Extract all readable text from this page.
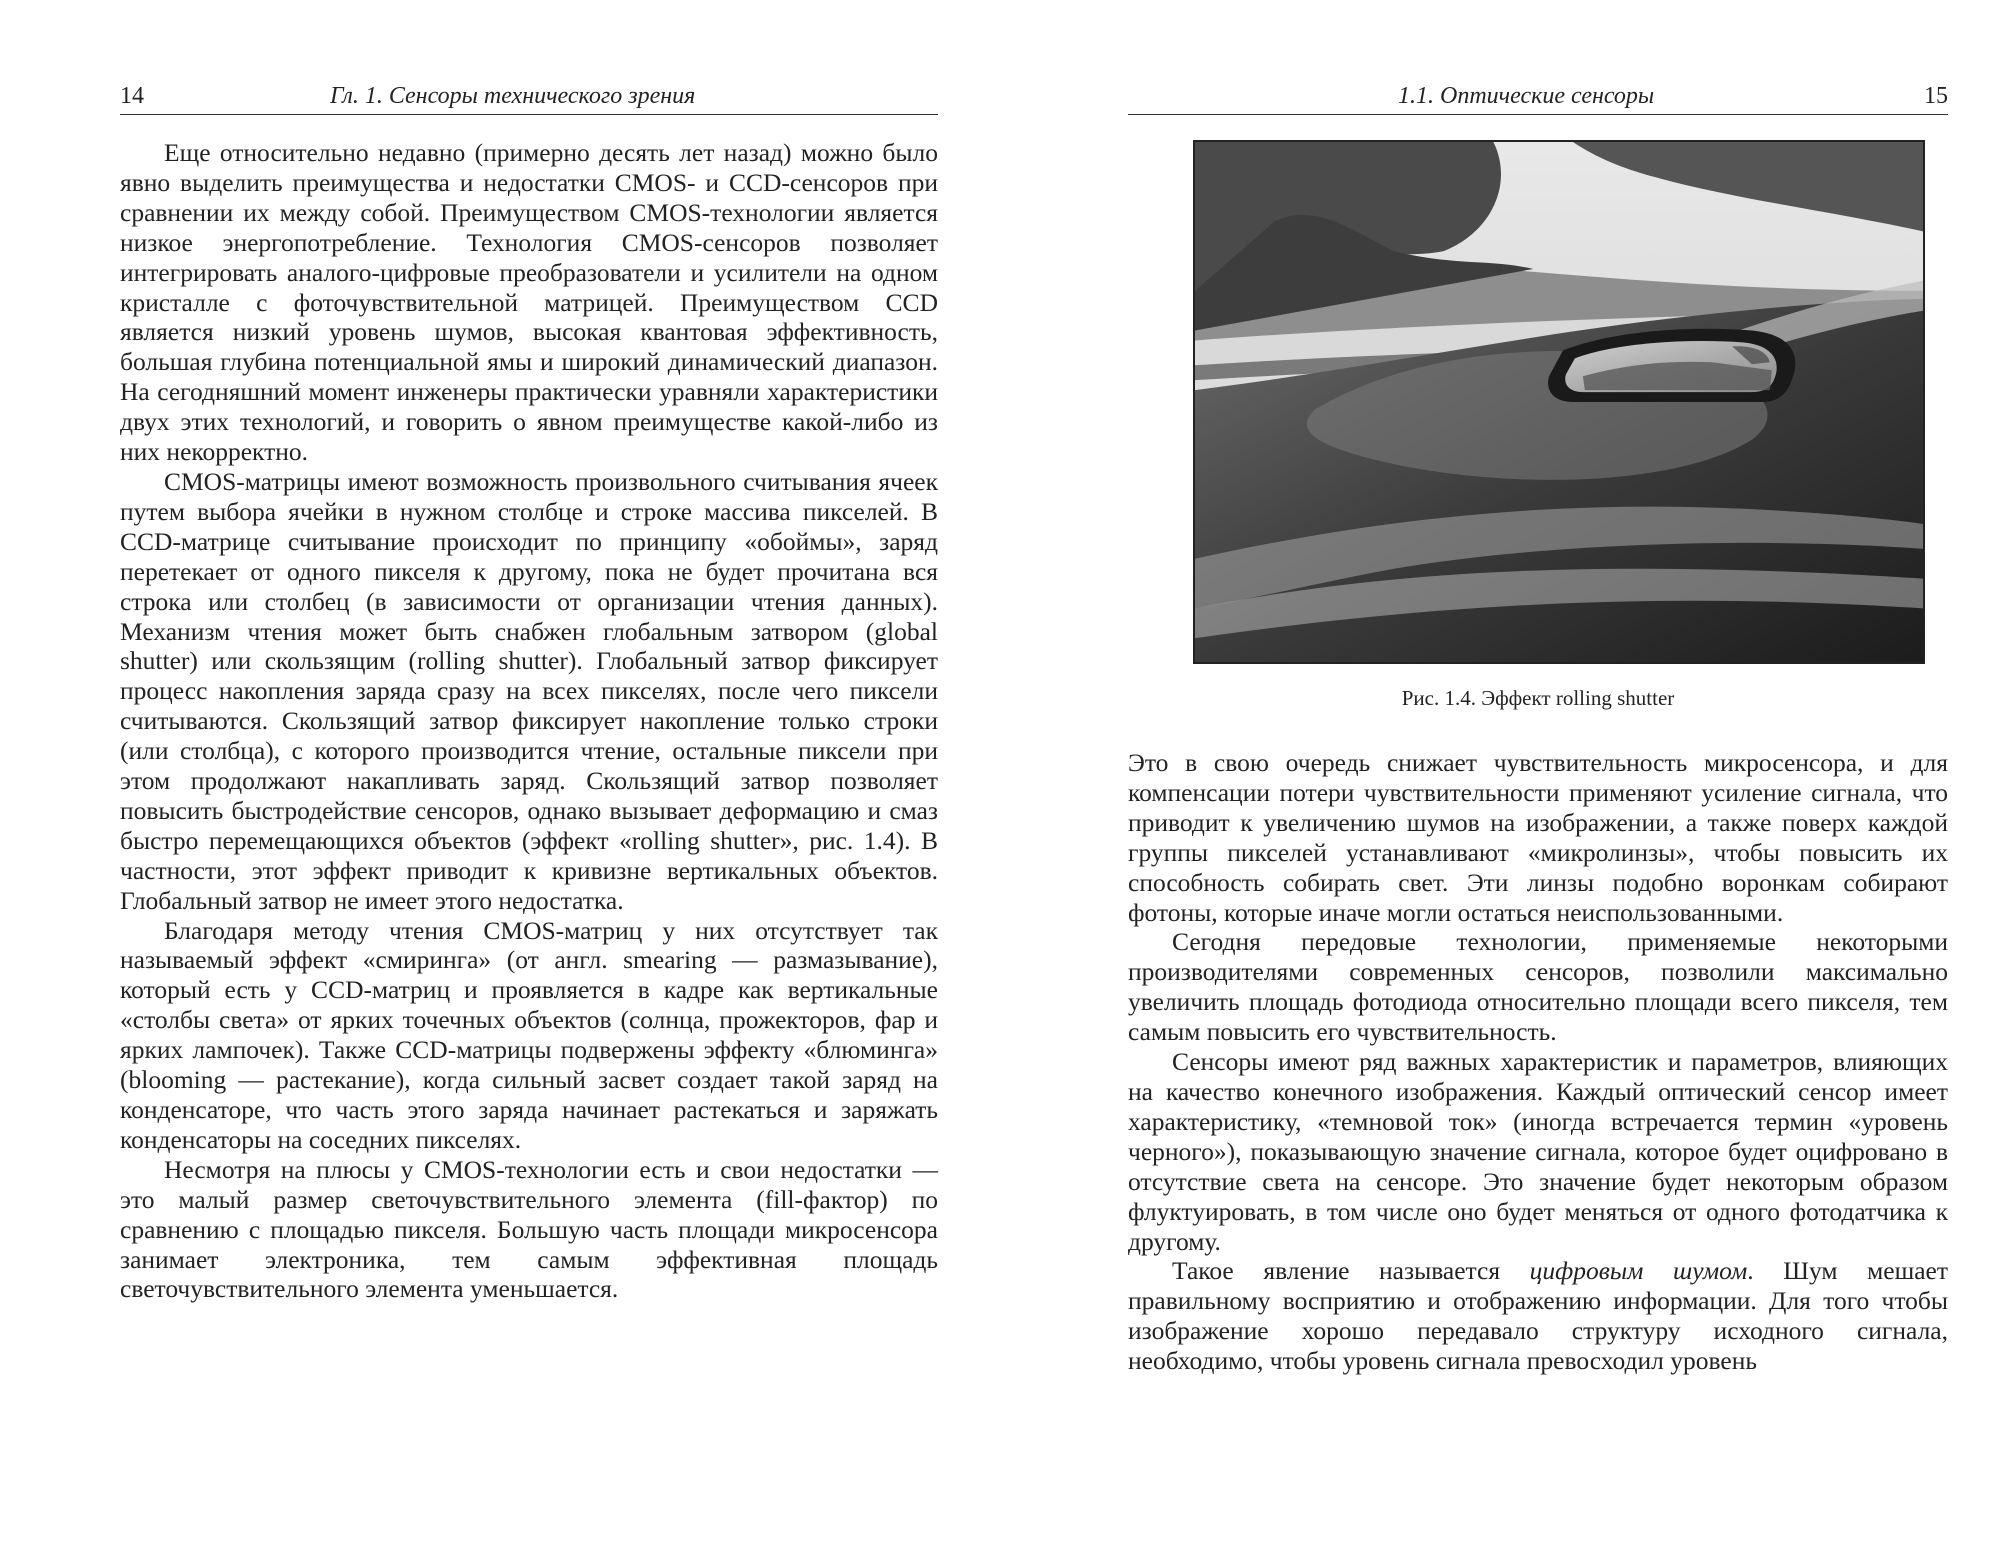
14	Гл. 1. Сенсоры технического зрения

Еще относительно недавно (примерно десять лет назад) можно было явно выделить преимущества и недостатки CMOS- и CCD-сенсоров при сравнении их между собой. Преимуществом CMOS-технологии является низкое энергопотребление. Технология CMOS-сенсоров позволяет интегрировать аналого-цифровые преобразователи и усилители на одном кристалле с фоточувствительной матрицей. Преимуществом CCD является низкий уровень шумов, высокая квантовая эффективность, большая глубина потенциальной ямы и широкий динамический диапазон. На сегодняшний момент инженеры практически уравняли характеристики двух этих технологий, и говорить о явном преимуществе какой-либо из них некорректно.

CMOS-матрицы имеют возможность произвольного считывания ячеек путем выбора ячейки в нужном столбце и строке массива пикселей. В CCD-матрице считывание происходит по принципу «обоймы», заряд перетекает от одного пикселя к другому, пока не будет прочитана вся строка или столбец (в зависимости от организации чтения данных). Механизм чтения может быть снабжен глобальным затвором (global shutter) или скользящим (rolling shutter). Глобальный затвор фиксирует процесс накопления заряда сразу на всех пикселях, после чего пиксели считываются. Скользящий затвор фиксирует накопление только строки (или столбца), с которого производится чтение, остальные пиксели при этом продолжают накапливать заряд. Скользящий затвор позволяет повысить быстродействие сенсоров, однако вызывает деформацию и смаз быстро перемещающихся объектов (эффект «rolling shutter», рис. 1.4). В частности, этот эффект приводит к кривизне вертикальных объектов. Глобальный затвор не имеет этого недостатка.

Благодаря методу чтения CMOS-матриц у них отсутствует так называемый эффект «смиринга» (от англ. smearing — размазывание), который есть у CCD-матриц и проявляется в кадре как вертикальные «столбы света» от ярких точечных объектов (солнца, прожекторов, фар и ярких лампочек). Также CCD-матрицы подвержены эффекту «блюминга» (blooming — растекание), когда сильный засвет создает такой заряд на конденсаторе, что часть этого заряда начинает растекаться и заряжать конденсаторы на соседних пикселях.

Несмотря на плюсы у CMOS-технологии есть и свои недостатки — это малый размер светочувствительного элемента (fill-фактор) по сравнению с площадью пикселя. Большую часть площади микросенсора занимает электроника, тем самым эффективная площадь светочувствительного элемента уменьшается.

1.1. Оптические сенсоры	15
Рис. 1.4. Эффект rolling shutter

Это в свою очередь снижает чувствительность микросенсора, и для компенсации потери чувствительности применяют усиление сигнала, что приводит к увеличению шумов на изображении, а также поверх каждой группы пикселей устанавливают «микролинзы», чтобы повысить их способность собирать свет. Эти линзы подобно воронкам собирают фотоны, которые иначе могли остаться неиспользованными.

Сегодня передовые технологии, применяемые некоторыми производителями современных сенсоров, позволили максимально увеличить площадь фотодиода относительно площади всего пикселя, тем самым повысить его чувствительность.

Сенсоры имеют ряд важных характеристик и параметров, влияющих на качество конечного изображения. Каждый оптический сенсор имеет характеристику, «темновой ток» (иногда встречается термин «уровень черного»), показывающую значение сигнала, которое будет оцифровано в отсутствие света на сенсоре. Это значение будет некоторым образом флуктуировать, в том числе оно будет меняться от одного фотодатчика к другому.

Такое явление называется цифровым шумом. Шум мешает правильному восприятию и отображению информации. Для того чтобы изображение хорошо передавало структуру исходного сигнала, необходимо, чтобы уровень сигнала превосходил уровень
